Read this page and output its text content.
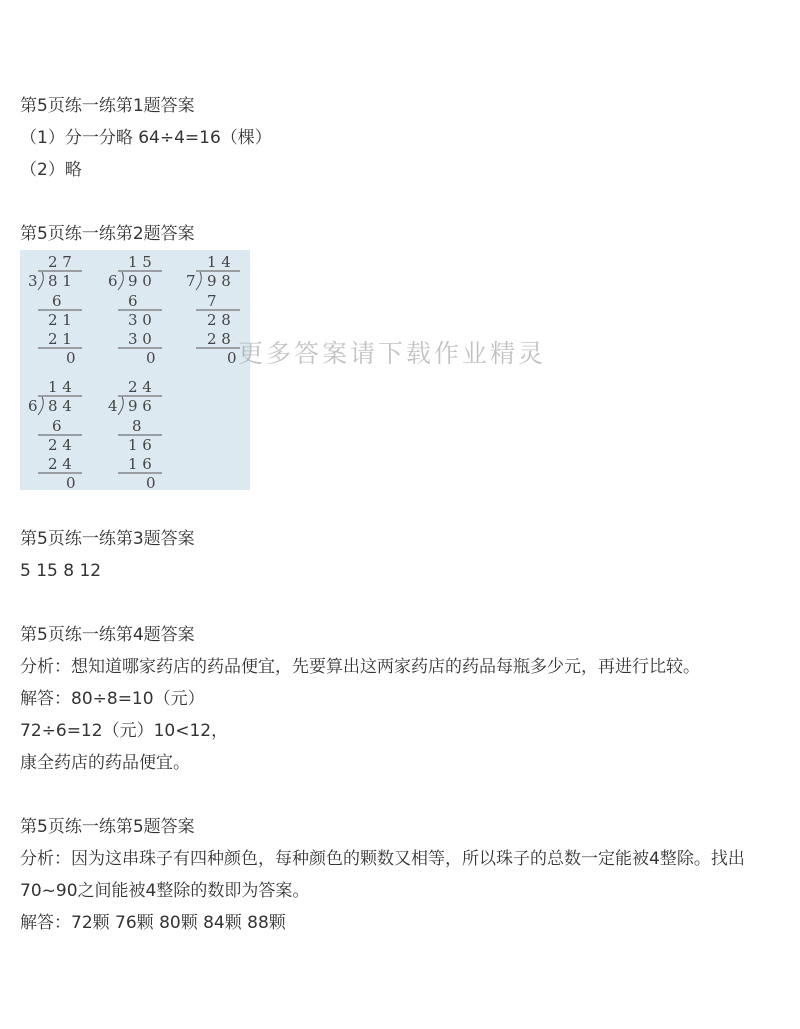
第5页练一练第1题答案
（1）分一分略 64÷4=16（棵）
（2）略
第5页练一练第2题答案
2 7
3 8 1
6
2 1
2 1
0
1 5
6 9 0
6
3 0
3 0
0
1 4
7 9 8
7
2 8
2 8
0
1 4
6 8 4
6
2 4
2 4
0
2 4
4 9 6
8
1 6
1 6
0
更多答案请下载作业精灵
第5页练一练第3题答案
5 15 8 12
第5页练一练第4题答案
分析：想知道哪家药店的药品便宜，先要算出这两家药店的药品每瓶多少元，再进行比较。
解答：80÷8=10（元）
72÷6=12（元）10<12，
康全药店的药品便宜。
第5页练一练第5题答案
分析：因为这串珠子有四种颜色，每种颜色的颗数又相等，所以珠子的总数一定能被4整除。找出70~90之间能被4整除的数即为答案。
解答：72颗 76颗 80颗 84颗 88颗
